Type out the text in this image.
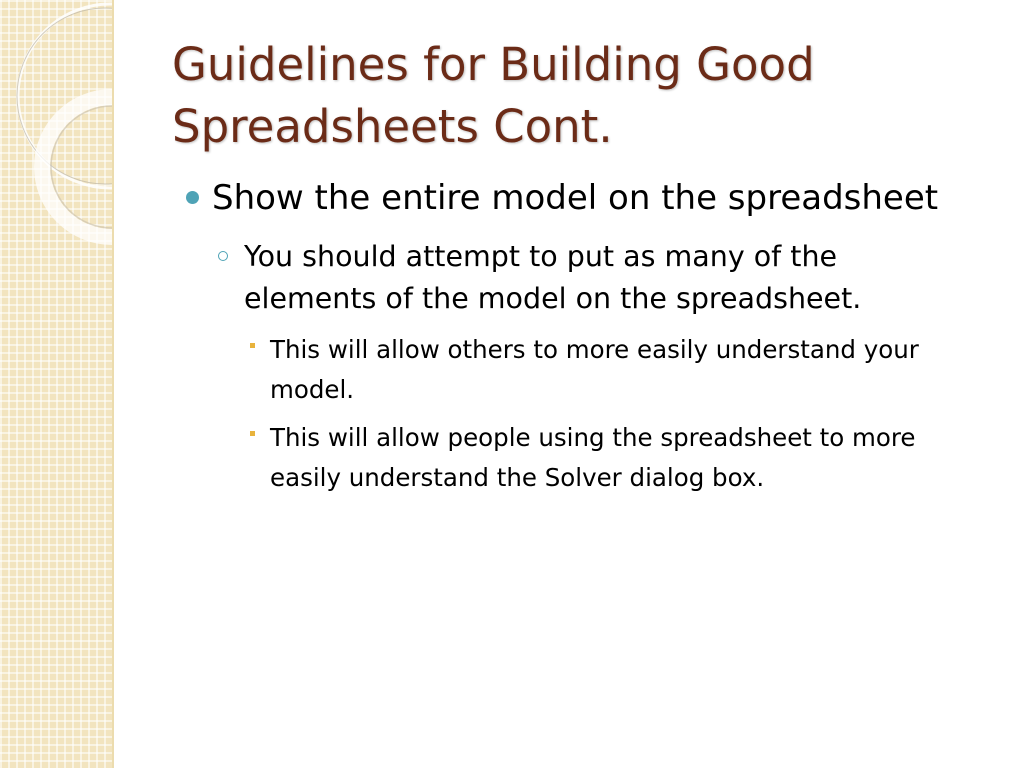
Guidelines for Building Good Spreadsheets Cont.
Show the entire model on the spreadsheet
You should attempt to put as many of the elements of the model on the spreadsheet.
This will allow others to more easily understand your model.
This will allow people using the spreadsheet to more easily understand the Solver dialog box.
